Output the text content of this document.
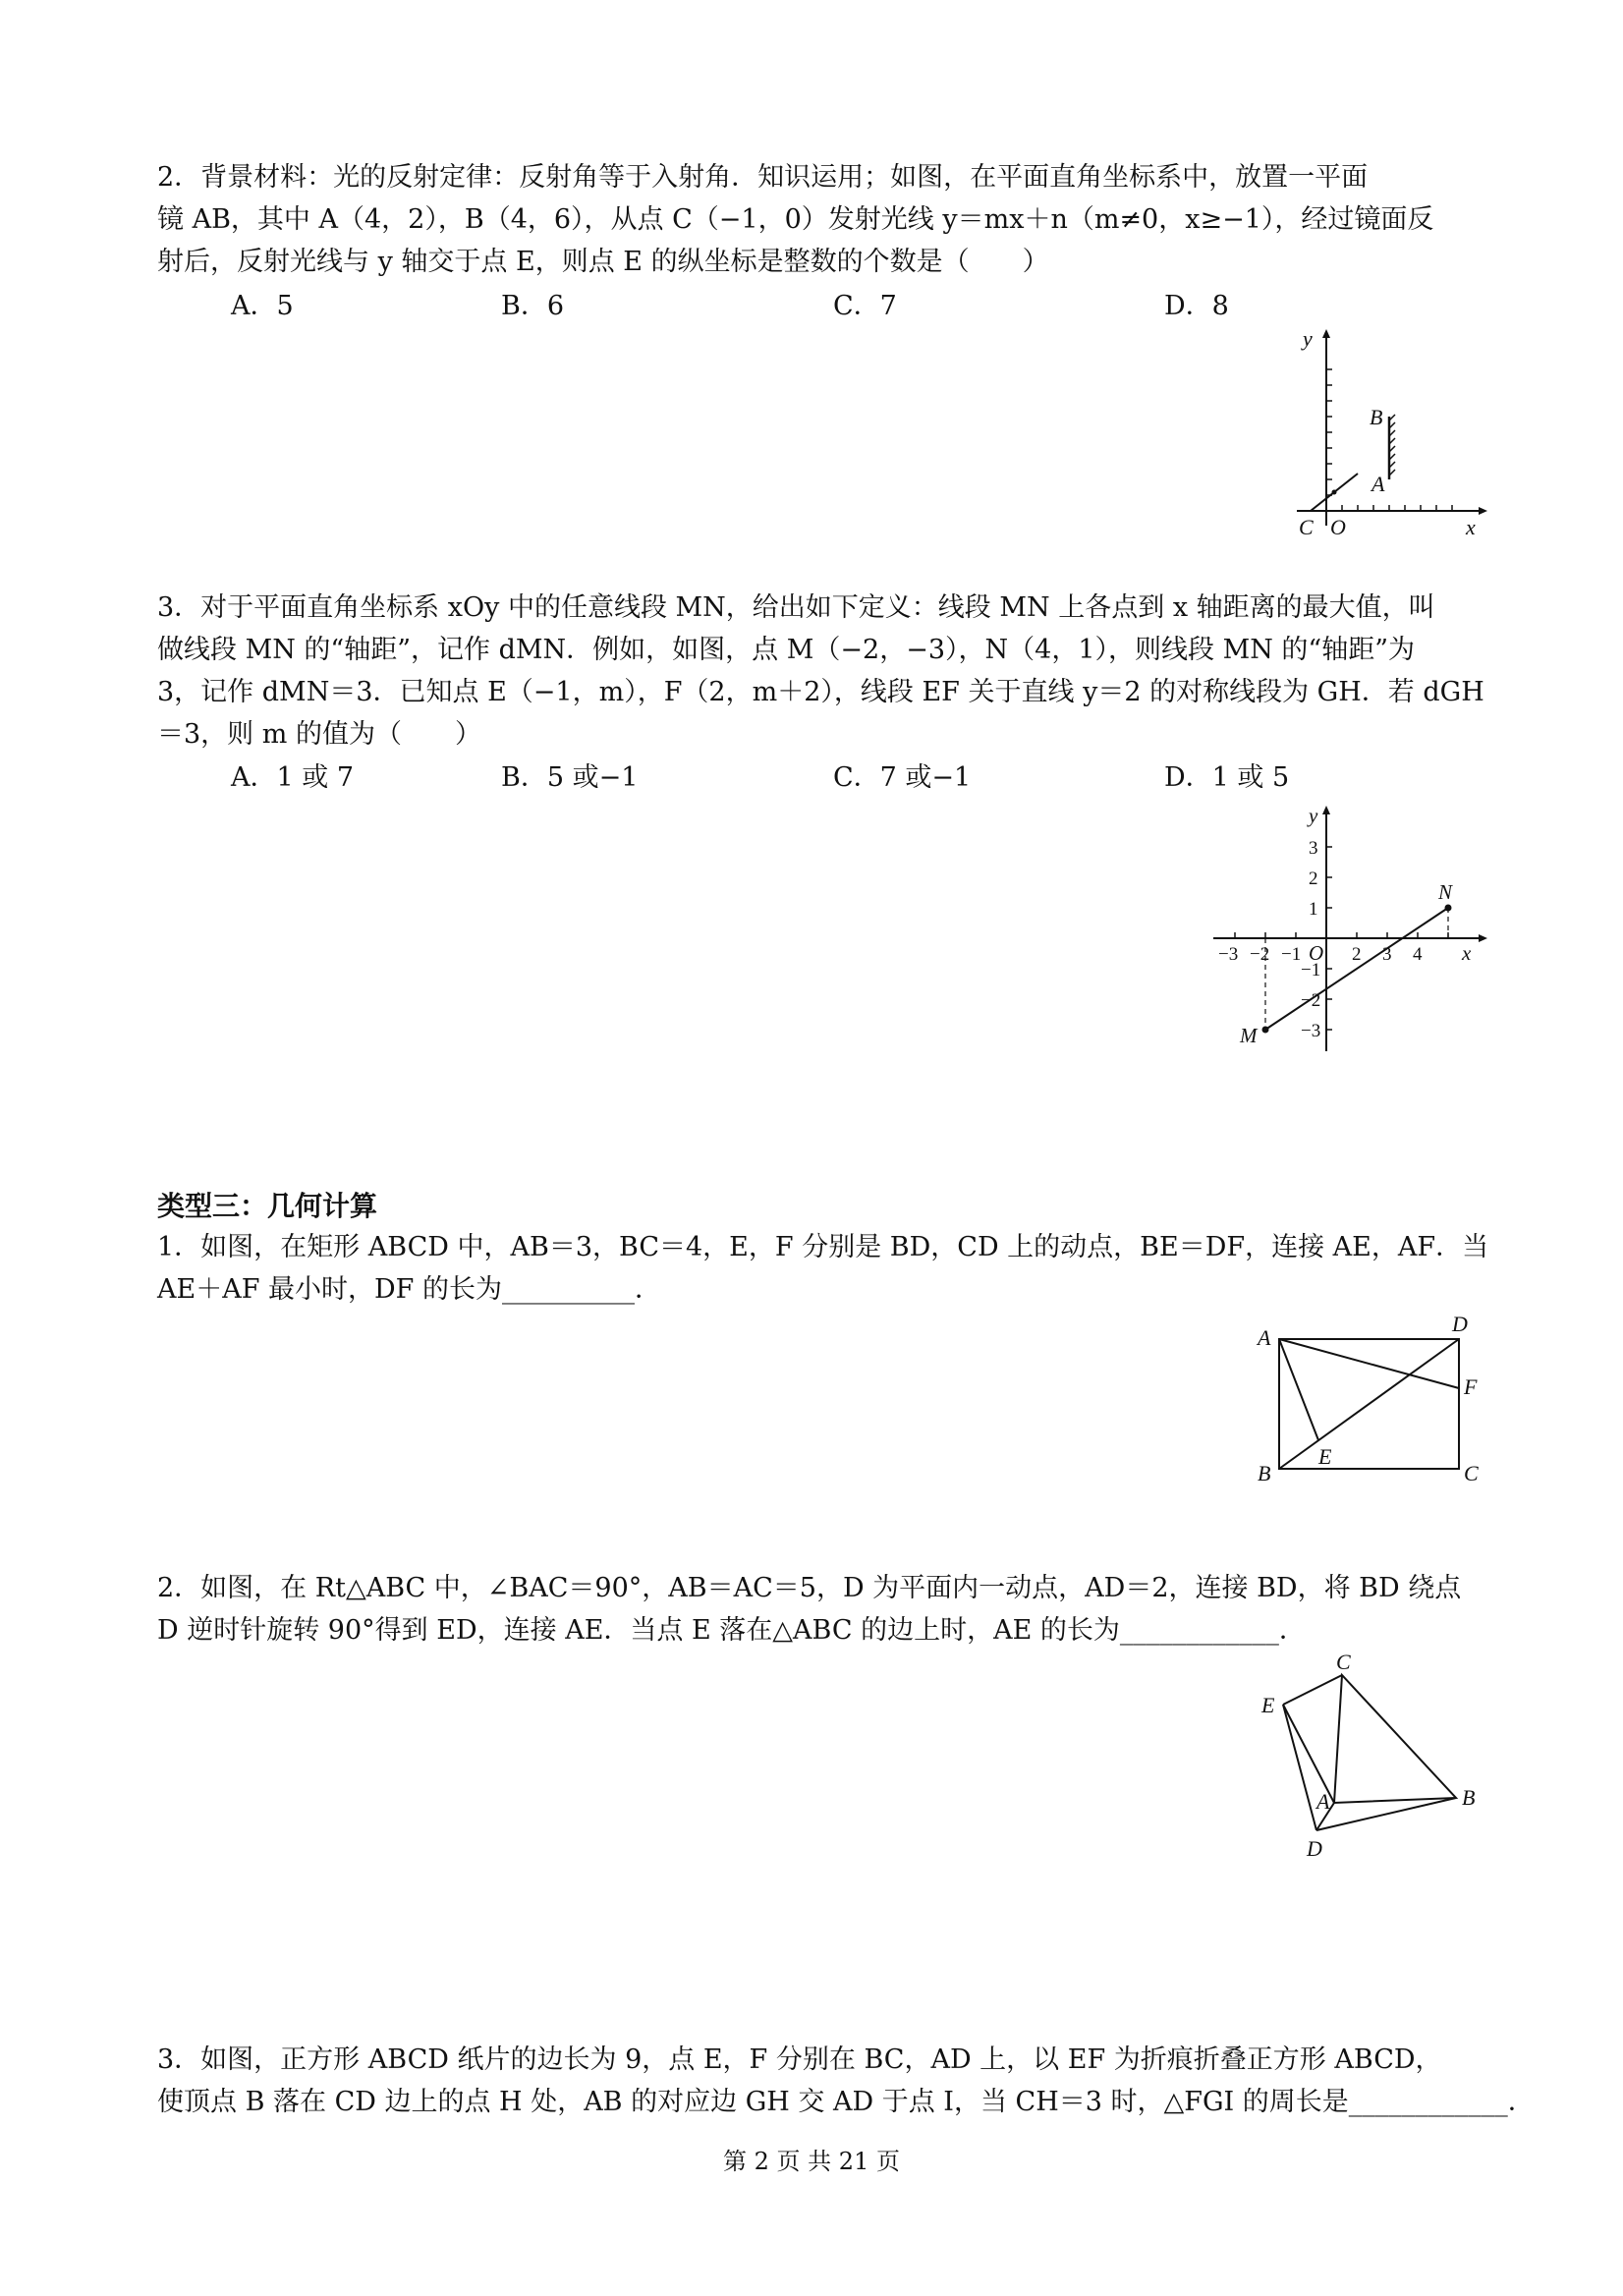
2．背景材料：光的反射定律：反射角等于入射角．知识运用；如图，在平面直角坐标系中，放置一平面
镜 AB，其中 A（4，2），B（4，6），从点 C（−1，0）发射光线 y＝mx＋n（m≠0，x≥−1），经过镜面反
射后，反射光线与 y 轴交于点 E，则点 E 的纵坐标是整数的个数是（　　）
A．5	B．6	C．7	D．8
y
x
B
A
C O
3．对于平面直角坐标系 xOy 中的任意线段 MN，给出如下定义：线段 MN 上各点到 x 轴距离的最大值，叫
做线段 MN 的“轴距”，记作 dMN．例如，如图，点 M（−2，−3），N（4，1），则线段 MN 的“轴距”为
3，记作 dMN＝3．已知点 E（−1，m），F（2，m＋2），线段 EF 关于直线 y＝2 的对称线段为 GH．若 dGH
＝3，则 m 的值为（　　）
A．1 或 7	B．5 或−1	C．7 或−1	D．1 或 5
−3 −2 −1	2 3 4
3
2
1
−1
−2
−3
y
x
O
M
N
类型三：几何计算
1．如图，在矩形 ABCD 中，AB＝3，BC＝4，E，F 分别是 BD，CD 上的动点，BE＝DF，连接 AE，AF．当
AE＋AF 最小时，DF 的长为__________．
A
D
F
E
B	C
2．如图，在 Rt△ABC 中，∠BAC＝90°，AB＝AC＝5，D 为平面内一动点，AD＝2，连接 BD，将 BD 绕点
D 逆时针旋转 90°得到 ED，连接 AE．当点 E 落在△ABC 的边上时，AE 的长为____________．
C
E
A	B
D
3．如图，正方形 ABCD 纸片的边长为 9，点 E，F 分别在 BC，AD 上，以 EF 为折痕折叠正方形 ABCD，
使顶点 B 落在 CD 边上的点 H 处，AB 的对应边 GH 交 AD 于点 I，当 CH＝3 时，△FGI 的周长是____________．
第 2 页 共 21 页
